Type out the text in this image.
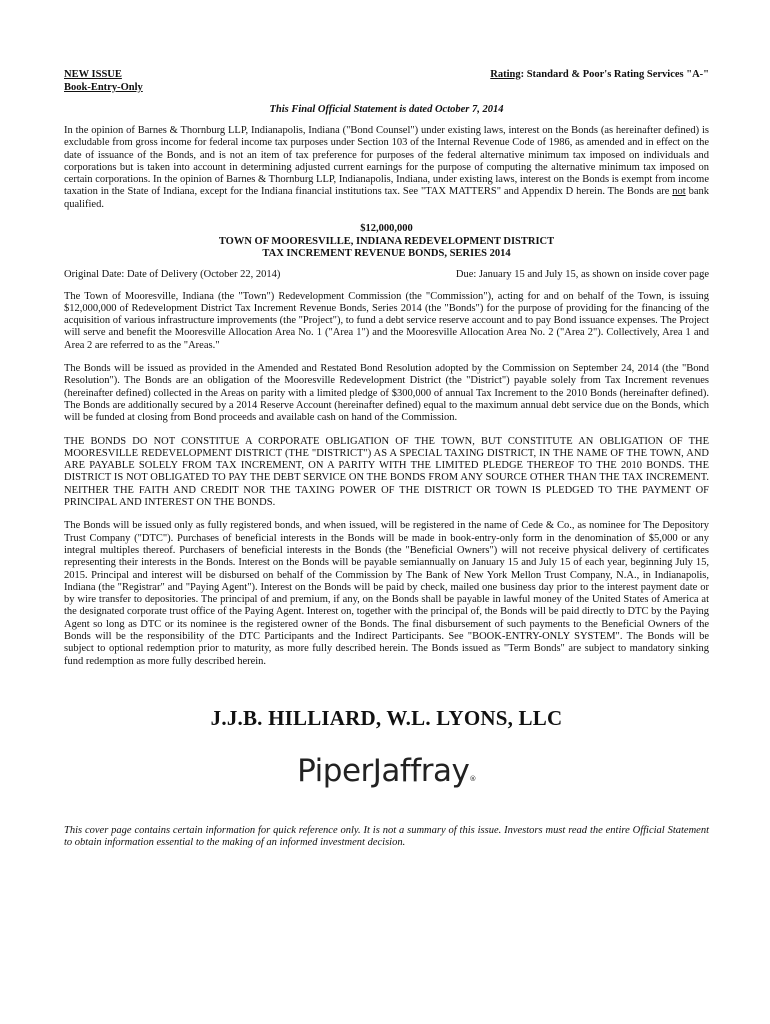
NEW ISSUE
Book-Entry-Only
Rating: Standard & Poor's Rating Services "A-"
This Final Official Statement is dated October 7, 2014

In the opinion of Barnes & Thornburg LLP, Indianapolis, Indiana ("Bond Counsel") under existing laws, interest on the Bonds (as hereinafter defined) is excludable from gross income for federal income tax purposes under Section 103 of the Internal Revenue Code of 1986, as amended and in effect on the date of issuance of the Bonds, and is not an item of tax preference for purposes of the federal alternative minimum tax imposed on individuals and corporations but is taken into account in determining adjusted current earnings for the purpose of computing the alternative minimum tax imposed on certain corporations. In the opinion of Barnes & Thornburg LLP, Indianapolis, Indiana, under existing laws, interest on the Bonds is exempt from income taxation in the State of Indiana, except for the Indiana financial institutions tax. See "TAX MATTERS" and Appendix D herein. The Bonds are not bank qualified.

$12,000,000
TOWN OF MOORESVILLE, INDIANA REDEVELOPMENT DISTRICT
TAX INCREMENT REVENUE BONDS, SERIES 2014
Original Date: Date of Delivery (October 22, 2014)	Due: January 15 and July 15, as shown on inside cover page

The Town of Mooresville, Indiana (the "Town") Redevelopment Commission (the "Commission"), acting for and on behalf of the Town, is issuing $12,000,000 of Redevelopment District Tax Increment Revenue Bonds, Series 2014 (the "Bonds") for the purpose of providing for the financing of the acquisition of various infrastructure improvements (the "Project"), to fund a debt service reserve account and to pay Bond issuance expenses. The Project will serve and benefit the Mooresville Allocation Area No. 1 ("Area 1") and the Mooresville Allocation Area No. 2 ("Area 2"). Collectively, Area 1 and Area 2 are referred to as the "Areas."

The Bonds will be issued as provided in the Amended and Restated Bond Resolution adopted by the Commission on September 24, 2014 (the "Bond Resolution"). The Bonds are an obligation of the Mooresville Redevelopment District (the "District") payable solely from Tax Increment revenues (hereinafter defined) collected in the Areas on parity with a limited pledge of $300,000 of annual Tax Increment to the 2010 Bonds (hereinafter defined). The Bonds are additionally secured by a 2014 Reserve Account (hereinafter defined) equal to the maximum annual debt service due on the Bonds, which will be funded at closing from Bond proceeds and available cash on hand of the Commission.

THE BONDS DO NOT CONSTITUE A CORPORATE OBLIGATION OF THE TOWN, BUT CONSTITUTE AN OBLIGATION OF THE MOORESVILLE REDEVELOPMENT DISTRICT (THE "DISTRICT") AS A SPECIAL TAXING DISTRICT, IN THE NAME OF THE TOWN, AND ARE PAYABLE SOLELY FROM TAX INCREMENT, ON A PARITY WITH THE LIMITED PLEDGE THEREOF TO THE 2010 BONDS. THE DISTRICT IS NOT OBLIGATED TO PAY THE DEBT SERVICE ON THE BONDS FROM ANY SOURCE OTHER THAN THE TAX INCREMENT. NEITHER THE FAITH AND CREDIT NOR THE TAXING POWER OF THE DISTRICT OR TOWN IS PLEDGED TO THE PAYMENT OF PRINCIPAL AND INTEREST ON THE BONDS.

The Bonds will be issued only as fully registered bonds, and when issued, will be registered in the name of Cede & Co., as nominee for The Depository Trust Company ("DTC"). Purchases of beneficial interests in the Bonds will be made in book-entry-only form in the denomination of $5,000 or any integral multiples thereof. Purchasers of beneficial interests in the Bonds (the "Beneficial Owners") will not receive physical delivery of certificates representing their interests in the Bonds. Interest on the Bonds will be payable semiannually on January 15 and July 15 of each year, beginning July 15, 2015. Principal and interest will be disbursed on behalf of the Commission by The Bank of New York Mellon Trust Company, N.A., in Indianapolis, Indiana (the "Registrar" and "Paying Agent"). Interest on the Bonds will be paid by check, mailed one business day prior to the interest payment date or by wire transfer to depositories. The principal of and premium, if any, on the Bonds shall be payable in lawful money of the United States of America at the designated corporate trust office of the Paying Agent. Interest on, together with the principal of, the Bonds will be paid directly to DTC by the Paying Agent so long as DTC or its nominee is the registered owner of the Bonds. The final disbursement of such payments to the Beneficial Owners of the Bonds will be the responsibility of the DTC Participants and the Indirect Participants. See "BOOK-ENTRY-ONLY SYSTEM". The Bonds will be subject to optional redemption prior to maturity, as more fully described herein. The Bonds issued as "Term Bonds" are subject to mandatory sinking fund redemption as more fully described herein.

J.J.B. HILLIARD, W.L. LYONS, LLC
PiperJaffray®
This cover page contains certain information for quick reference only. It is not a summary of this issue. Investors must read the entire Official Statement to obtain information essential to the making of an informed investment decision.
